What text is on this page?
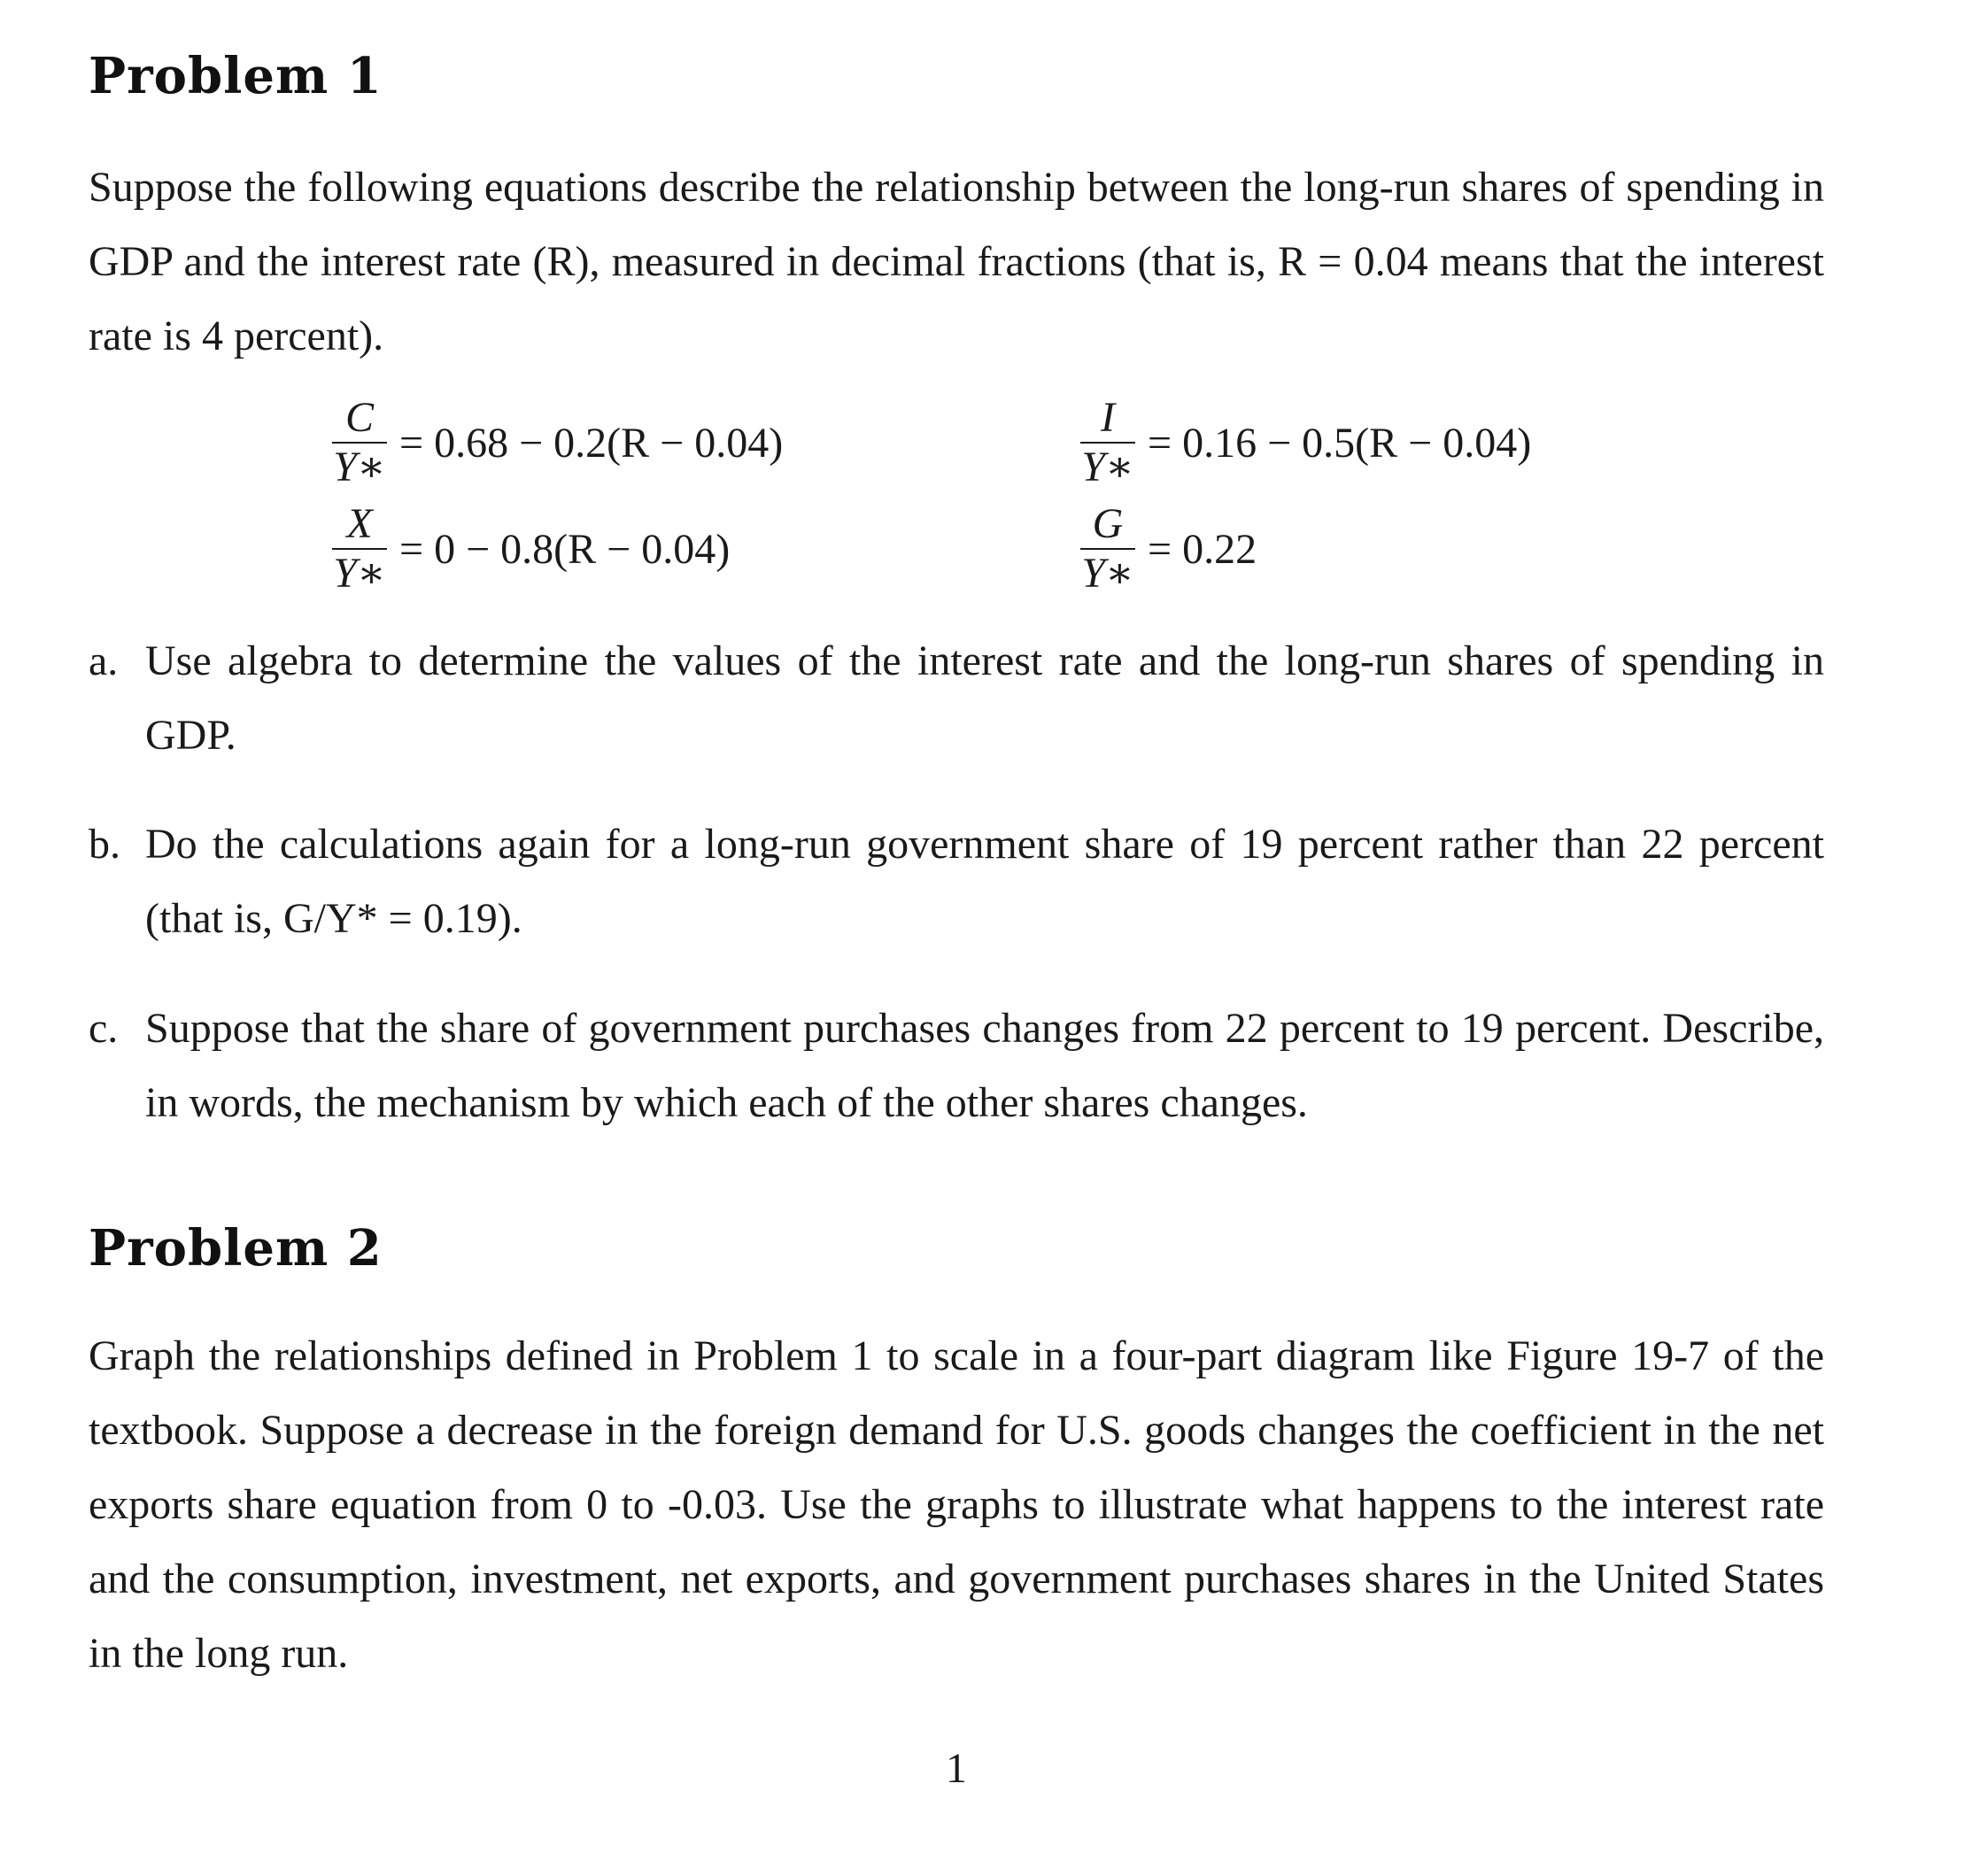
Problem 1

Suppose the following equations describe the relationship between the long-run shares of spending in GDP and the interest rate (R), measured in decimal fractions (that is, R = 0.04 means that the interest rate is 4 percent).

$\frac{C}{Y∗} = 0.68 - 0.2(R - 0.04)$	$\frac{I}{Y∗} = 0.16 - 0.5(R - 0.04)$
$\frac{X}{Y∗} = 0 - 0.8(R - 0.04)$	$\frac{G}{Y∗} = 0.22$
a. Use algebra to determine the values of the interest rate and the long-run shares of spending in GDP.
b. Do the calculations again for a long-run government share of 19 percent rather than 22 percent (that is, G/Y* = 0.19).
c. Suppose that the share of government purchases changes from 22 percent to 19 percent. Describe, in words, the mechanism by which each of the other shares changes.
Problem 2

Graph the relationships defined in Problem 1 to scale in a four-part diagram like Figure 19-7 of the textbook. Suppose a decrease in the foreign demand for U.S. goods changes the coefficient in the net exports share equation from 0 to -0.03. Use the graphs to illustrate what happens to the interest rate and the consumption, investment, net exports, and government purchases shares in the United States in the long run.

1
